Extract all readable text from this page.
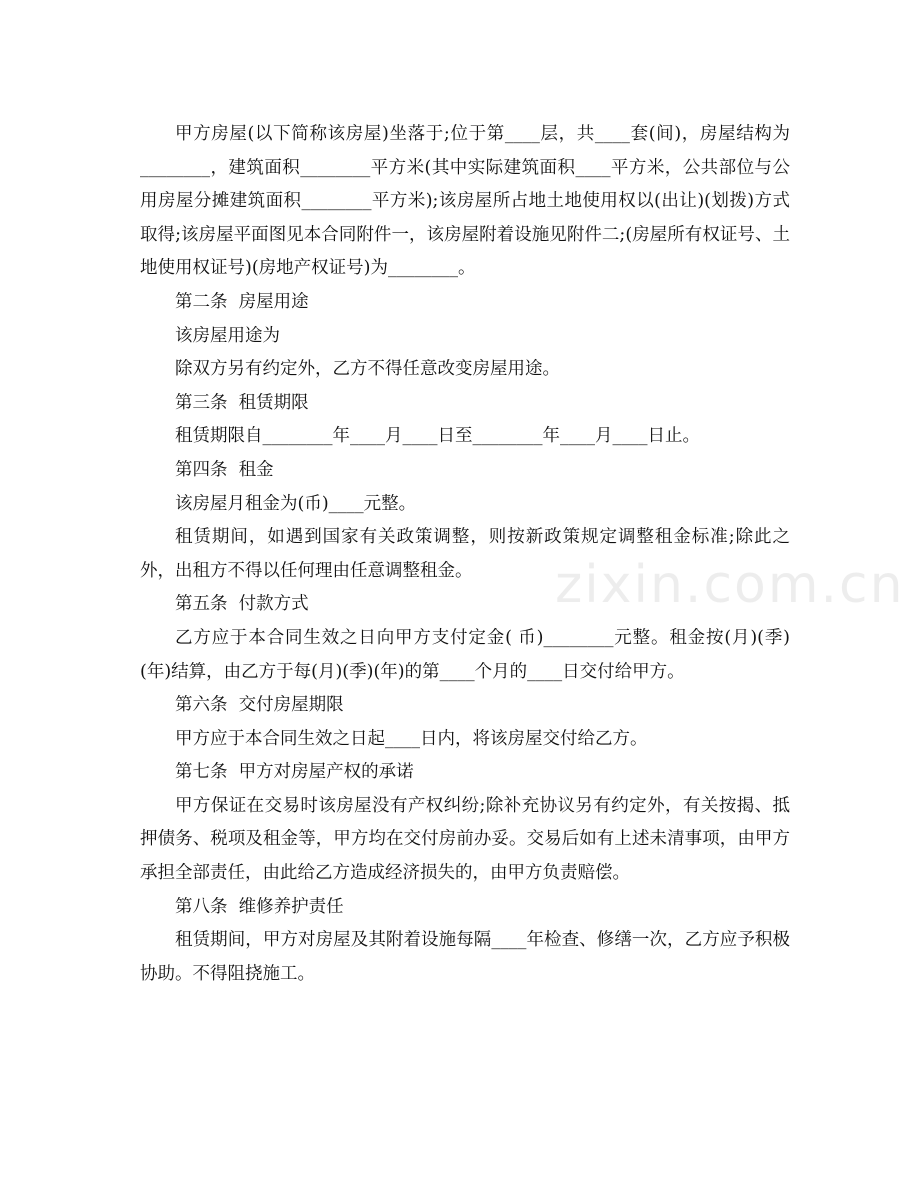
甲方房屋(以下简称该房屋)坐落于;位于第____层，共____套(间)，房屋结构为________，建筑面积________平方米(其中实际建筑面积____平方米，公共部位与公用房屋分摊建筑面积________平方米);该房屋所占地土地使用权以(出让)(划拨)方式取得;该房屋平面图见本合同附件一，该房屋附着设施见附件二;(房屋所有权证号、土地使用权证号)(房地产权证号)为________。

第二条  房屋用途

该房屋用途为

除双方另有约定外，乙方不得任意改变房屋用途。

第三条  租赁期限

租赁期限自________年____月____日至________年____月____日止。

第四条  租金

该房屋月租金为(币)____元整。

租赁期间，如遇到国家有关政策调整，则按新政策规定调整租金标准;除此之外，出租方不得以任何理由任意调整租金。

第五条  付款方式

乙方应于本合同生效之日向甲方支付定金( 币)________元整。租金按(月)(季)(年)结算，由乙方于每(月)(季)(年)的第____个月的____日交付给甲方。

第六条  交付房屋期限

甲方应于本合同生效之日起____日内，将该房屋交付给乙方。

第七条  甲方对房屋产权的承诺

甲方保证在交易时该房屋没有产权纠纷;除补充协议另有约定外，有关按揭、抵押债务、税项及租金等，甲方均在交付房前办妥。交易后如有上述未清事项，由甲方承担全部责任，由此给乙方造成经济损失的，由甲方负责赔偿。

第八条  维修养护责任

租赁期间，甲方对房屋及其附着设施每隔____年检查、修缮一次，乙方应予积极协助。不得阻挠施工。

zixin.com.cn
